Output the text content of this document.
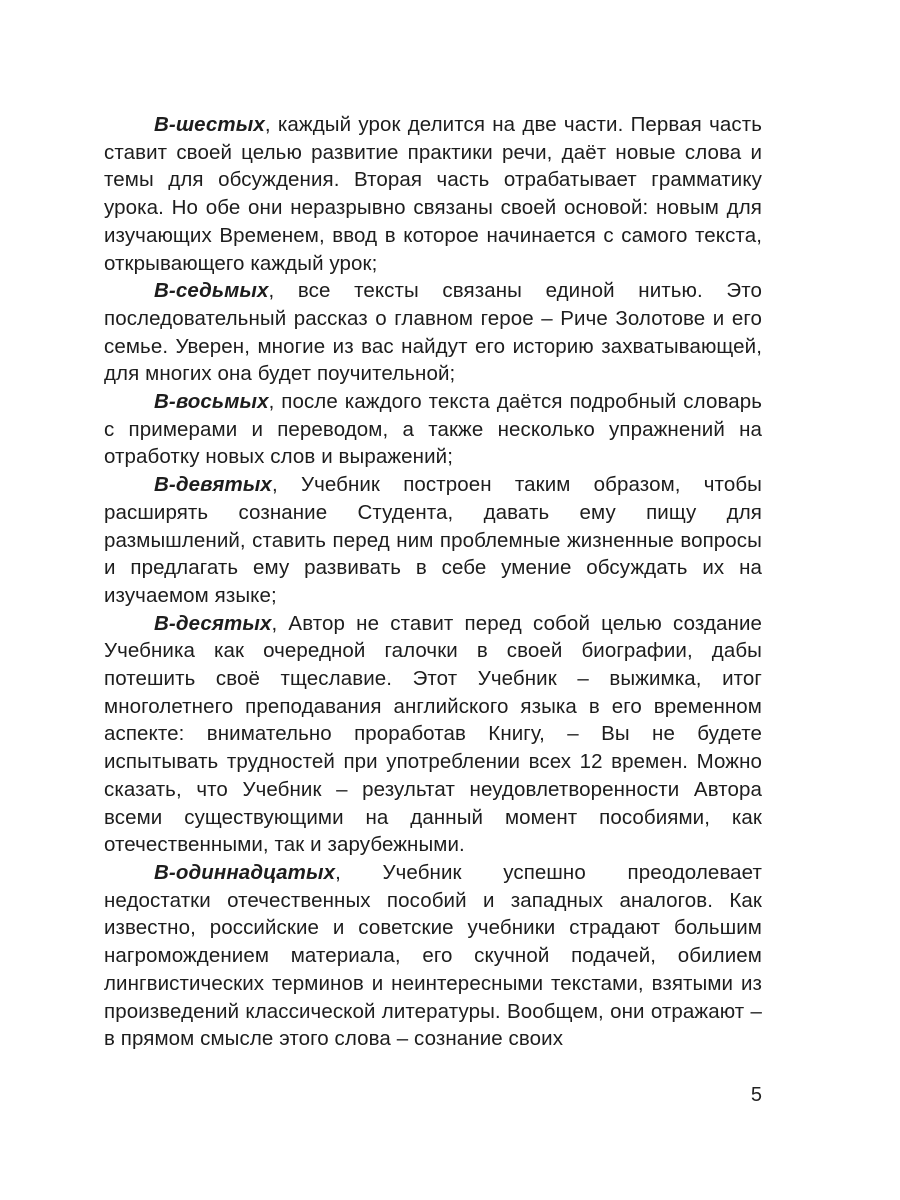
В-шестых, каждый урок делится на две части. Первая часть ставит своей целью развитие практики речи, даёт новые слова и темы для обсуждения. Вторая часть отрабатывает грамматику урока. Но обе они неразрывно связаны своей основой: новым для изучающих Временем, ввод в которое начинается с самого текста, открывающего каждый урок;

В-седьмых, все тексты связаны единой нитью. Это последовательный рассказ о главном герое – Риче Золотове и его семье. Уверен, многие из вас найдут его историю захватывающей, для многих она будет поучительной;

В-восьмых, после каждого текста даётся подробный словарь с примерами и переводом, а также несколько упражнений на отработку новых слов и выражений;

В-девятых, Учебник построен таким образом, чтобы расширять сознание Студента, давать ему пищу для размышлений, ставить перед ним проблемные жизненные вопросы и предлагать ему развивать в себе умение обсуждать их на изучаемом языке;

В-десятых, Автор не ставит перед собой целью создание Учебника как очередной галочки в своей биографии, дабы потешить своё тщеславие. Этот Учебник – выжимка, итог многолетнего преподавания английского языка в его временном аспекте: внимательно проработав Книгу, – Вы не будете испытывать трудностей при употреблении всех 12 времен. Можно сказать, что Учебник – результат неудовлетворенности Автора всеми существующими на данный момент пособиями, как отечественными, так и зарубежными.

В-одиннадцатых, Учебник успешно преодолевает недостатки отечественных пособий и западных аналогов. Как известно, российские и советские учебники страдают большим нагромождением материала, его скучной подачей, обилием лингвистических терминов и неинтересными текстами, взятыми из произведений классической литературы. Вообщем, они отражают – в прямом смысле этого слова – сознание своих

5
